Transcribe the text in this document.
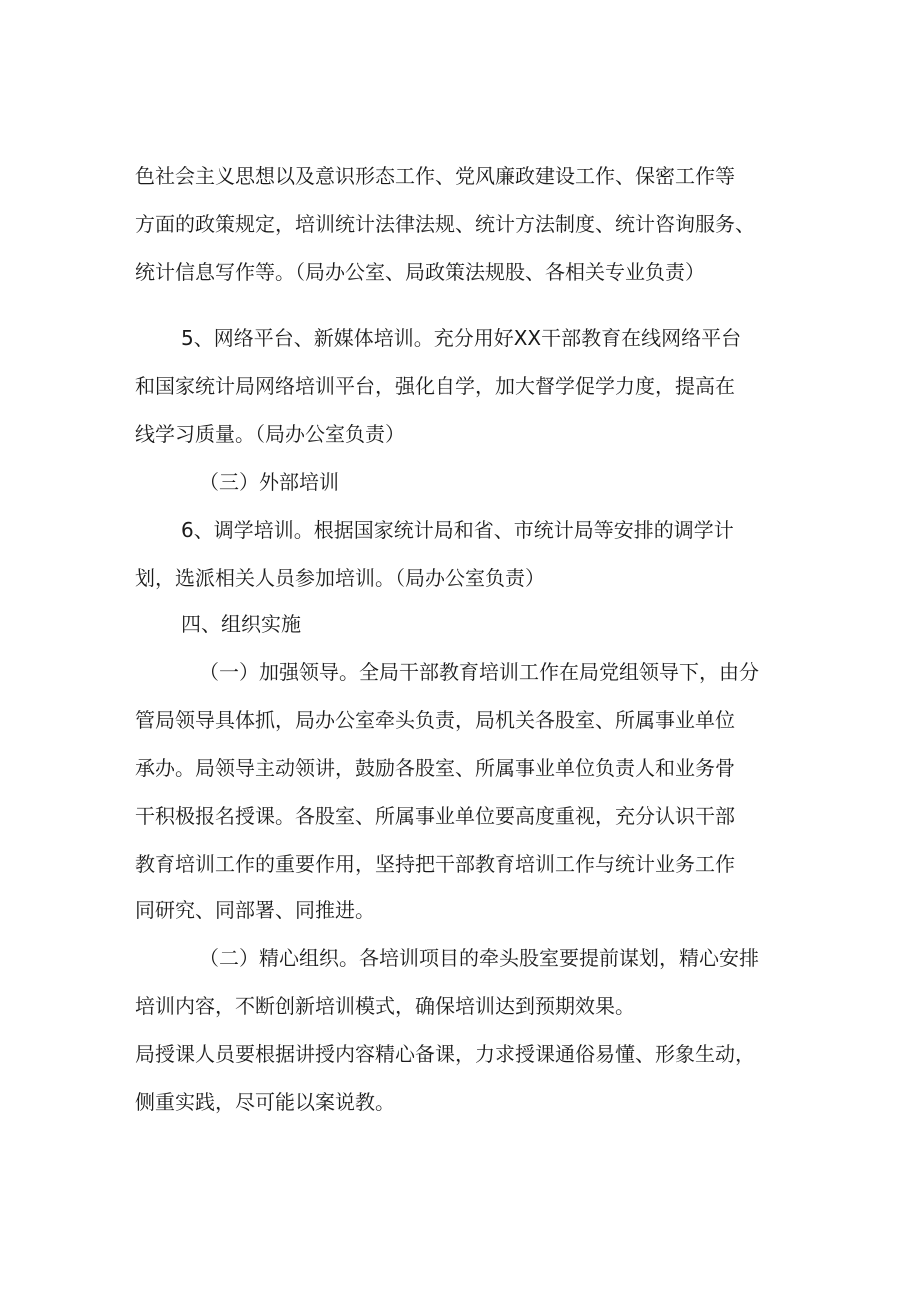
色社会主义思想以及意识形态工作、党风廉政建设工作、保密工作等
方面的政策规定，培训统计法律法规、统计方法制度、统计咨询服务、
统计信息写作等。（局办公室、局政策法规股、各相关专业负责）
5、网络平台、新媒体培训。充分用好XX干部教育在线网络平台
和国家统计局网络培训平台，强化自学，加大督学促学力度，提高在
线学习质量。（局办公室负责）
（三）外部培训
6、调学培训。根据国家统计局和省、市统计局等安排的调学计
划，选派相关人员参加培训。（局办公室负责）
四、组织实施
（一）加强领导。全局干部教育培训工作在局党组领导下，由分
管局领导具体抓，局办公室牵头负责，局机关各股室、所属事业单位
承办。局领导主动领讲，鼓励各股室、所属事业单位负责人和业务骨
干积极报名授课。各股室、所属事业单位要高度重视，充分认识干部
教育培训工作的重要作用，坚持把干部教育培训工作与统计业务工作
同研究、同部署、同推进。
（二）精心组织。各培训项目的牵头股室要提前谋划，精心安排
培训内容，不断创新培训模式，确保培训达到预期效果。
局授课人员要根据讲授内容精心备课，力求授课通俗易懂、形象生动，
侧重实践，尽可能以案说教。
